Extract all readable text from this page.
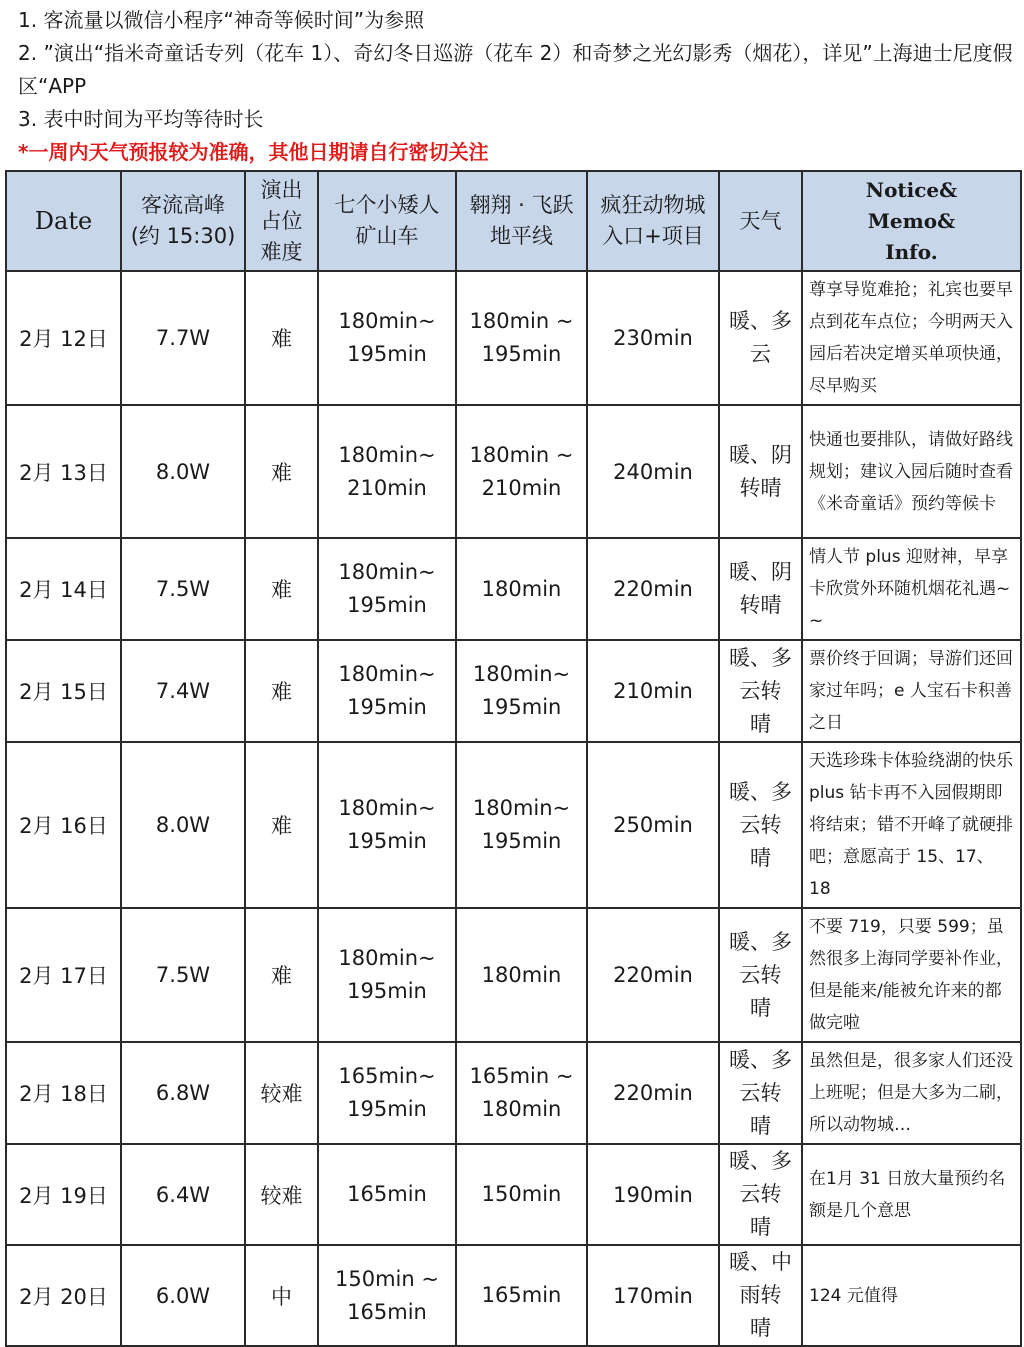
1. 客流量以微信小程序“神奇等候时间”为参照
2. ”演出“指米奇童话专列（花车 1）、奇幻冬日巡游（花车 2）和奇梦之光幻影秀（烟花），详见”上海迪士尼度假区“APP
3. 表中时间为平均等待时长
*一周内天气预报较为准确，其他日期请自行密切关注
Date	客流高峰
(约 15:30)	演出
占位
难度	七个小矮人
矿山车	翱翔 · 飞跃
地平线	疯狂动物城
入口+项目	天气	Notice&
Memo&
Info.
2月 12日	7.7W	难	180min~
195min	180min ~
195min	230min	暖、多
云	尊享导览难抢；礼宾也要早点到花车点位；今明两天入园后若决定增买单项快通，尽早购买
2月 13日	8.0W	难	180min~
210min	180min ~
210min	240min	暖、阴
转晴	快通也要排队，请做好路线规划；建议入园后随时查看《米奇童话》预约等候卡
2月 14日	7.5W	难	180min~
195min	180min	220min	暖、阴
转晴	情人节 plus 迎财神，早享卡欣赏外环随机烟花礼遇~ ~
2月 15日	7.4W	难	180min~
195min	180min~
195min	210min	暖、多
云转
晴	票价终于回调；导游们还回家过年吗；e 人宝石卡积善之日
2月 16日	8.0W	难	180min~
195min	180min~
195min	250min	暖、多
云转
晴	天选珍珠卡体验绕湖的快乐plus 钻卡再不入园假期即将结束；错不开峰了就硬排吧；意愿高于 15、17、18
2月 17日	7.5W	难	180min~
195min	180min	220min	暖、多
云转
晴	不要 719，只要 599；虽然很多上海同学要补作业，但是能来/能被允许来的都做完啦
2月 18日	6.8W	较难	165min~
195min	165min ~
180min	220min	暖、多
云转
晴	虽然但是，很多家人们还没上班呢；但是大多为二刷，所以动物城…
2月 19日	6.4W	较难	165min	150min	190min	暖、多
云转
晴	在1月 31 日放大量预约名额是几个意思
2月 20日	6.0W	中	150min ~
165min	165min	170min	暖、中
雨转
晴	124 元值得
